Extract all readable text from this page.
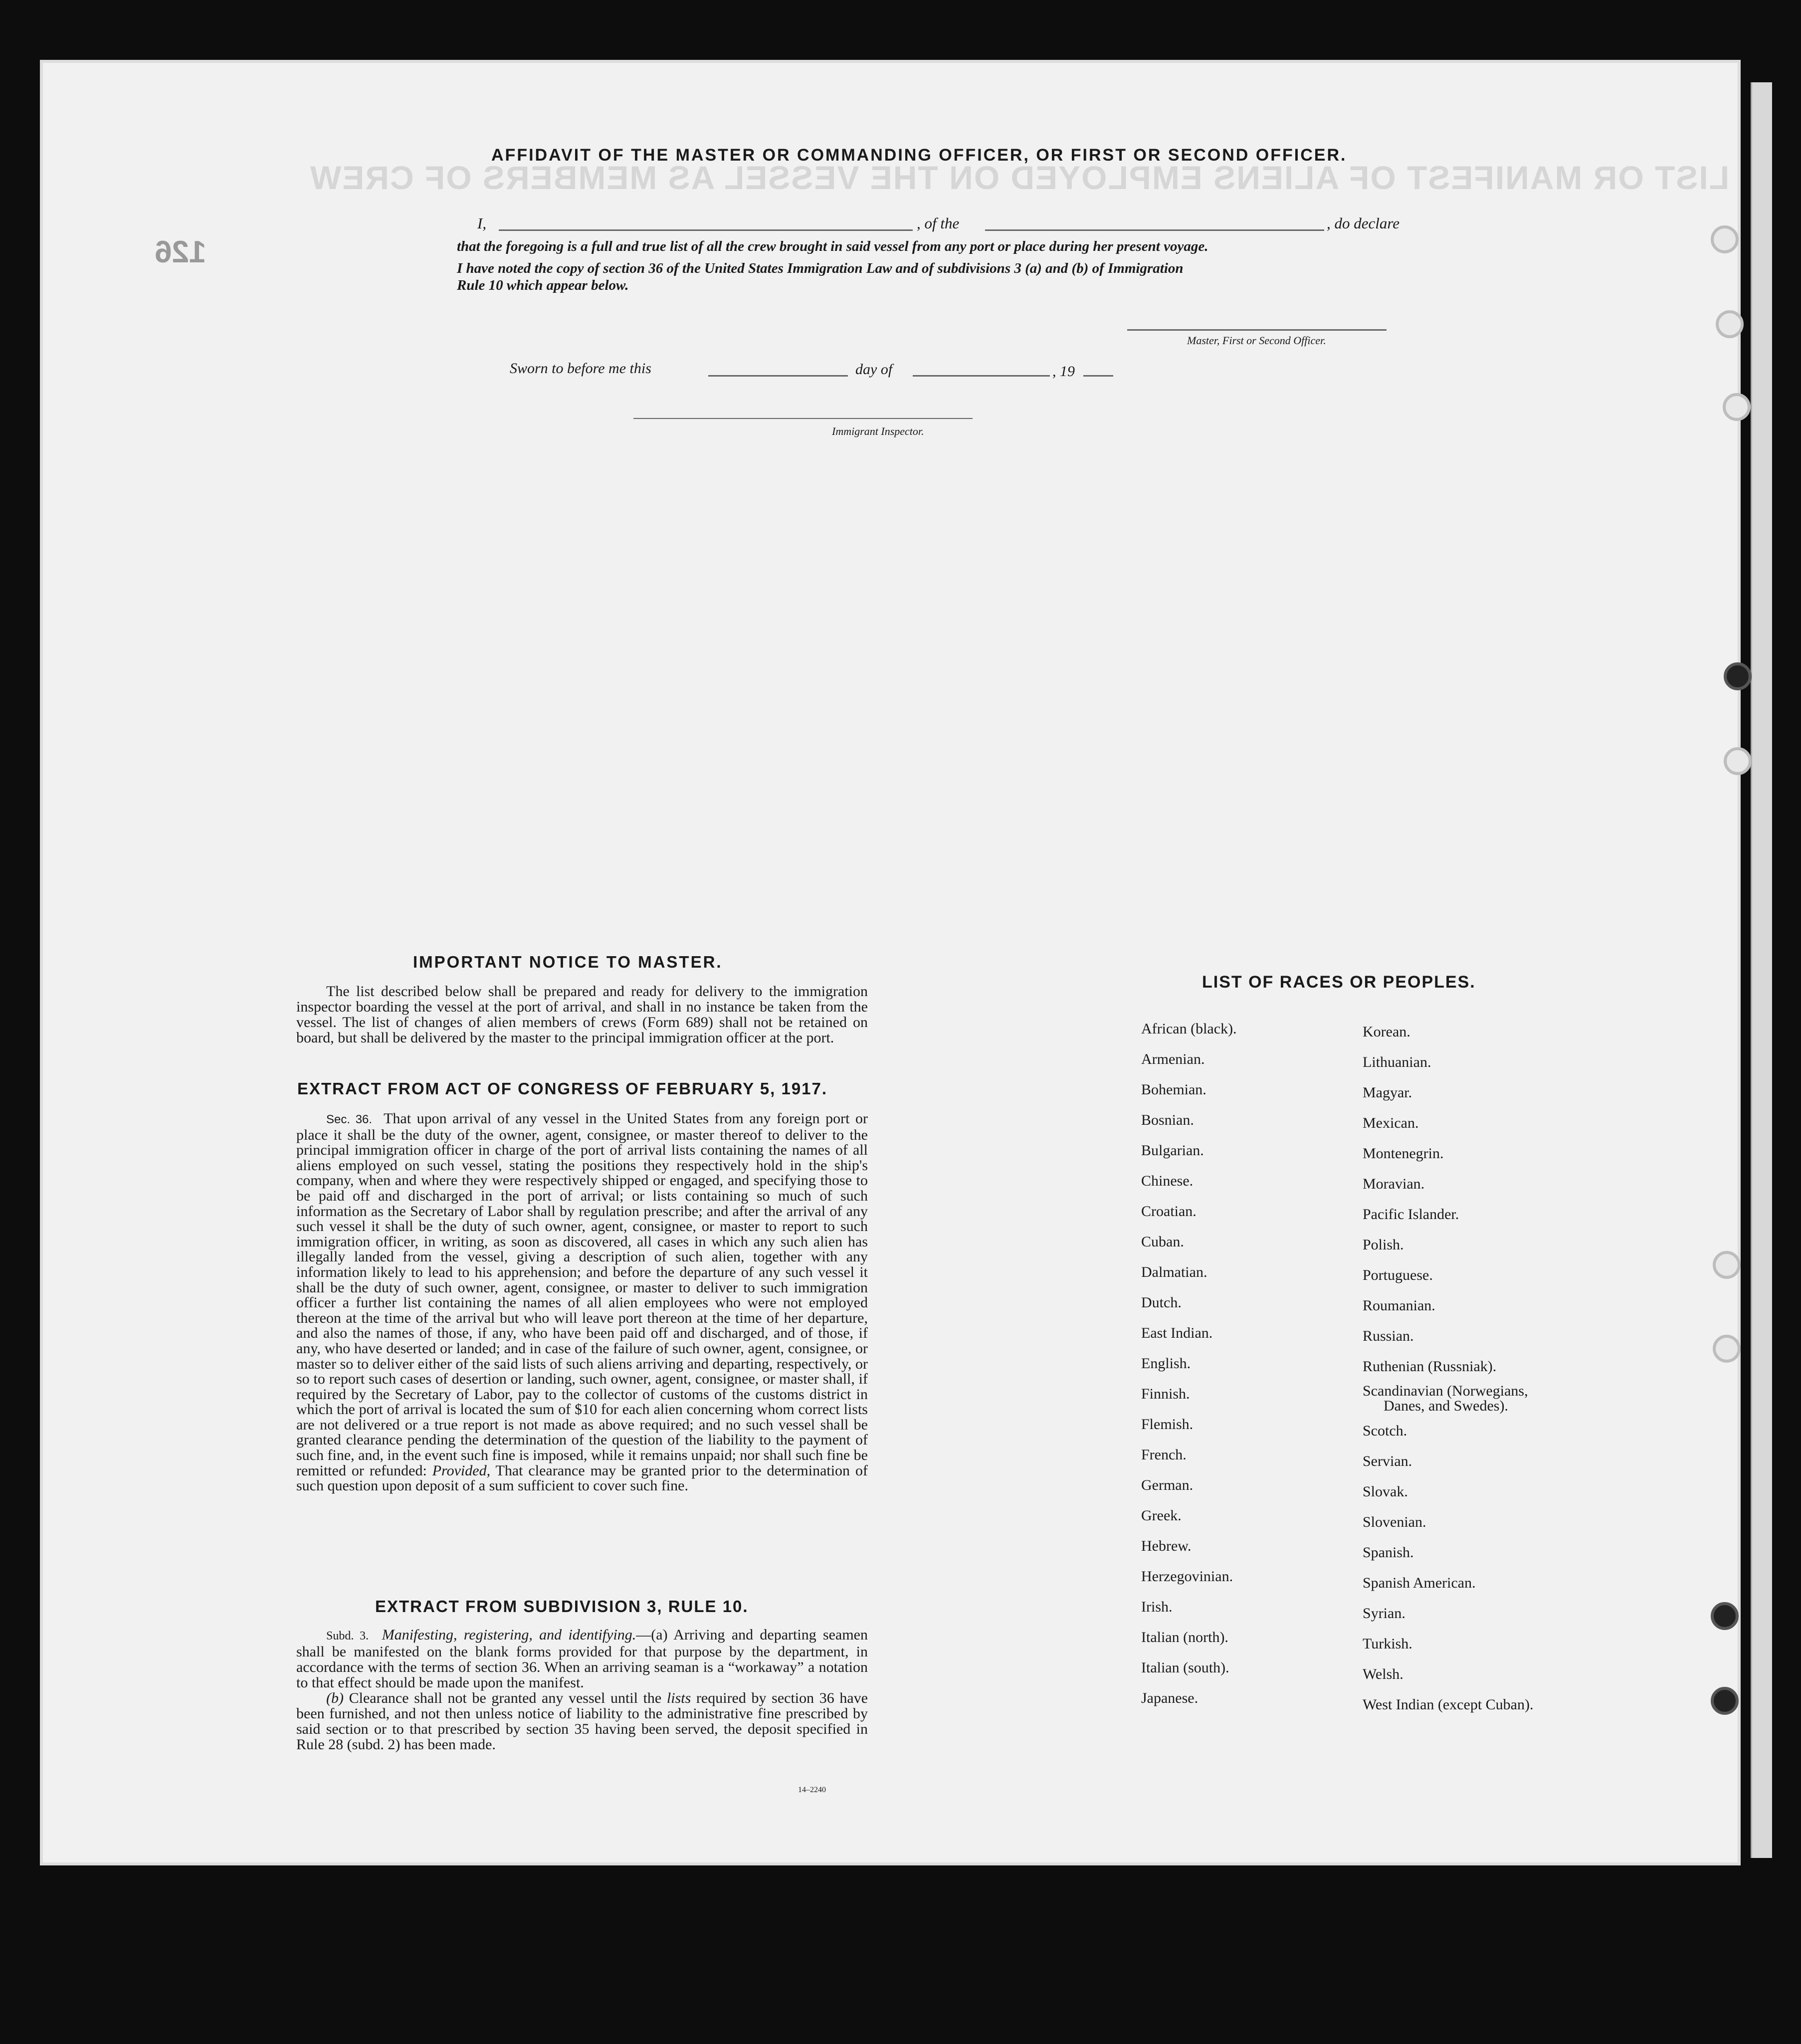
LIST OR MANIFEST OF ALIENS EMPLOYED ON THE VESSEL AS MEMBERS OF CREW
126
AFFIDAVIT OF THE MASTER OR COMMANDING OFFICER, OR FIRST OR SECOND OFFICER.
I,	, of the	, do declare
that the foregoing is a full and true list of all the crew brought in said vessel from any port or place during her present voyage.
I have noted the copy of section 36 of the United States Immigration Law and of subdivisions 3 (a) and (b) of Immigration
Rule 10 which appear below.
Master, First or Second Officer.
Sworn to before me this	day of	, 19
Immigrant Inspector.
IMPORTANT NOTICE TO MASTER.

The list described below shall be prepared and ready for delivery to the immigration inspector boarding the vessel at the port of arrival, and shall in no instance be taken from the vessel. The list of changes of alien members of crews (Form 689) shall not be retained on board, but shall be delivered by the master to the principal immigration officer at the port.

EXTRACT FROM ACT OF CONGRESS OF FEBRUARY 5, 1917.

Sec. 36. That upon arrival of any vessel in the United States from any foreign port or place it shall be the duty of the owner, agent, consignee, or master thereof to deliver to the principal immigration officer in charge of the port of arrival lists containing the names of all aliens employed on such vessel, stating the positions they respectively hold in the ship's company, when and where they were respectively shipped or engaged, and specifying those to be paid off and discharged in the port of arrival; or lists containing so much of such information as the Secretary of Labor shall by regulation prescribe; and after the arrival of any such vessel it shall be the duty of such owner, agent, consignee, or master to report to such immigration officer, in writing, as soon as discovered, all cases in which any such alien has illegally landed from the vessel, giving a description of such alien, together with any information likely to lead to his apprehension; and before the departure of any such vessel it shall be the duty of such owner, agent, consignee, or master to deliver to such immigration officer a further list containing the names of all alien employees who were not employed thereon at the time of the arrival but who will leave port thereon at the time of her departure, and also the names of those, if any, who have been paid off and discharged, and of those, if any, who have deserted or landed; and in case of the failure of such owner, agent, consignee, or master so to deliver either of the said lists of such aliens arriving and departing, respectively, or so to report such cases of desertion or landing, such owner, agent, consignee, or master shall, if required by the Secretary of Labor, pay to the collector of customs of the customs district in which the port of arrival is located the sum of $10 for each alien concerning whom correct lists are not delivered or a true report is not made as above required; and no such vessel shall be granted clearance pending the determination of the question of the liability to the payment of such fine, and, in the event such fine is imposed, while it remains unpaid; nor shall such fine be remitted or refunded: Provided, That clearance may be granted prior to the determination of such question upon deposit of a sum sufficient to cover such fine.

EXTRACT FROM SUBDIVISION 3, RULE 10.

Subd. 3. Manifesting, registering, and identifying.—(a) Arriving and departing seamen shall be manifested on the blank forms provided for that purpose by the department, in accordance with the terms of section 36. When an arriving seaman is a “workaway” a notation to that effect should be made upon the manifest.

(b) Clearance shall not be granted any vessel until the lists required by section 36 have been furnished, and not then unless notice of liability to the administrative fine prescribed by said section or to that prescribed by section 35 having been served, the deposit specified in Rule 28 (subd. 2) has been made.

14–2240
LIST OF RACES OR PEOPLES.
African (black).
Armenian.
Bohemian.
Bosnian.
Bulgarian.
Chinese.
Croatian.
Cuban.
Dalmatian.
Dutch.
East Indian.
English.
Finnish.
Flemish.
French.
German.
Greek.
Hebrew.
Herzegovinian.
Irish.
Italian (north).
Italian (south).
Japanese.
Korean.
Lithuanian.
Magyar.
Mexican.
Montenegrin.
Moravian.
Pacific Islander.
Polish.
Portuguese.
Roumanian.
Russian.
Ruthenian (Russniak).
Scandinavian (Norwegians,
Danes, and Swedes).
Scotch.
Servian.
Slovak.
Slovenian.
Spanish.
Spanish American.
Syrian.
Turkish.
Welsh.
West Indian (except Cuban).
